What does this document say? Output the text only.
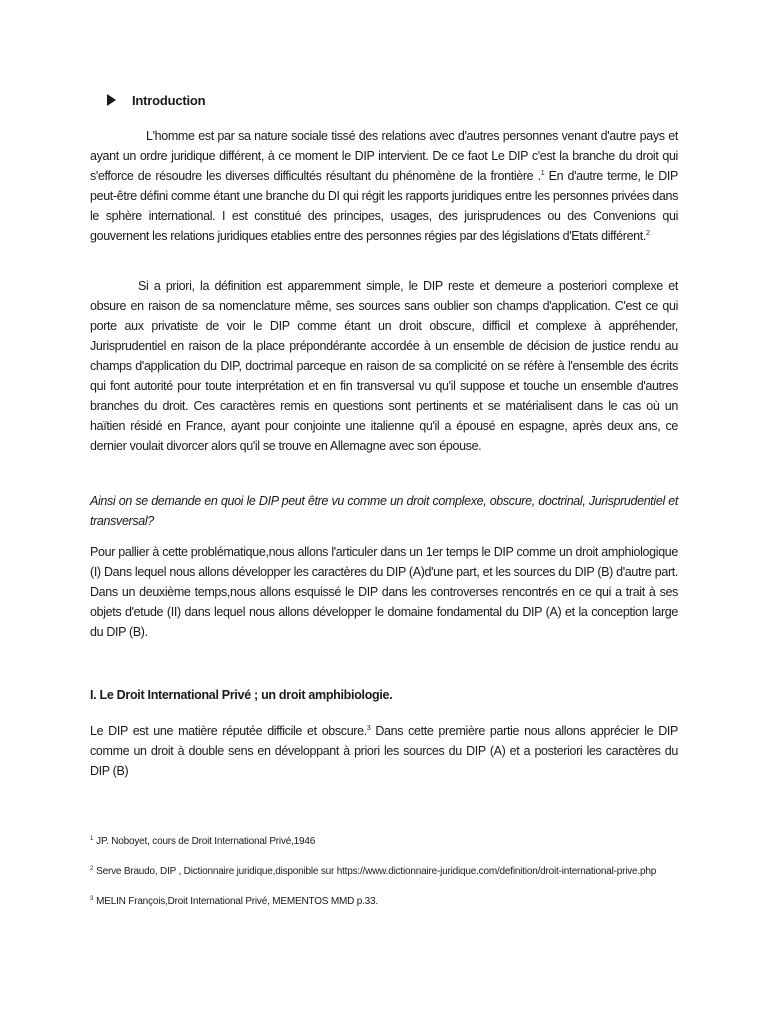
Introduction

L'homme est par sa nature sociale tissé des relations avec d'autres personnes venant d'autre pays et ayant un ordre juridique différent, à ce moment le DIP intervient. De ce faot Le DIP c'est la branche du droit qui s'efforce de résoudre les diverses difficultés résultant du phénomène de la frontière .$^1$ En d'autre terme, le DIP peut-être défini comme étant une branche du DI qui régit les rapports juridiques entre les personnes privées dans le sphère international. I est constitué des principes, usages, des jurisprudences ou des Convenions qui gouvernent les relations juridiques etablies entre des personnes régies par des législations d'Etats différent.$^2$

Si a priori, la définition est apparemment simple, le DIP reste et demeure a posteriori complexe et obsure en raison de sa nomenclature même, ses sources sans oublier son champs d'application. C'est ce qui porte aux privatiste de voir le DIP comme étant un droit obscure, difficil et complexe à appréhender, Jurisprudentiel en raison de la place prépondérante accordée à un ensemble de décision de justice rendu au champs d'application du DIP, doctrimal parceque en raison de sa complicité on se réfère à l'ensemble des écrits qui font autorité pour toute interprétation et en fin transversal vu qu'il suppose et touche un ensemble d'autres branches du droit. Ces caractères remis en questions sont pertinents et se matérialisent dans le cas où un haïtien résidé en France, ayant pour conjointe une italienne qu'il a épousé en espagne, après deux ans, ce dernier voulait divorcer alors qu'il se trouve en Allemagne avec son épouse.

Ainsi on se demande en quoi le DIP peut être vu comme un droit complexe, obscure, doctrinal, Jurisprudentiel et transversal?

Pour pallier à cette problématique,nous allons l'articuler dans un 1er temps le DIP comme un droit amphiologique (I) Dans lequel nous allons développer les caractères du DIP (A)d'une part, et les sources du DIP (B) d'autre part. Dans un deuxième temps,nous allons esquissé le DIP dans les controverses rencontrés en ce qui a trait à ses objets d'etude (II) dans lequel nous allons développer le domaine fondamental du DIP (A) et la conception large du DIP (B).

I. Le Droit International Privé ; un droit amphibiologie.

Le DIP est une matière réputée difficile et obscure.$^3$ Dans cette première partie nous allons apprécier le DIP comme un droit à double sens en développant à priori les sources du DIP (A) et a posteriori les caractères du DIP (B)

$^1$ JP. Noboyet, cours de Droit International Privé,1946

$^2$ Serve Braudo, DIP , Dictionnaire juridique,disponible sur https://www.dictionnaire-juridique.com/definition/droit-international-prive.php

$^3$ MELIN François,Droit International Privé, MEMENTOS MMD p.33.
